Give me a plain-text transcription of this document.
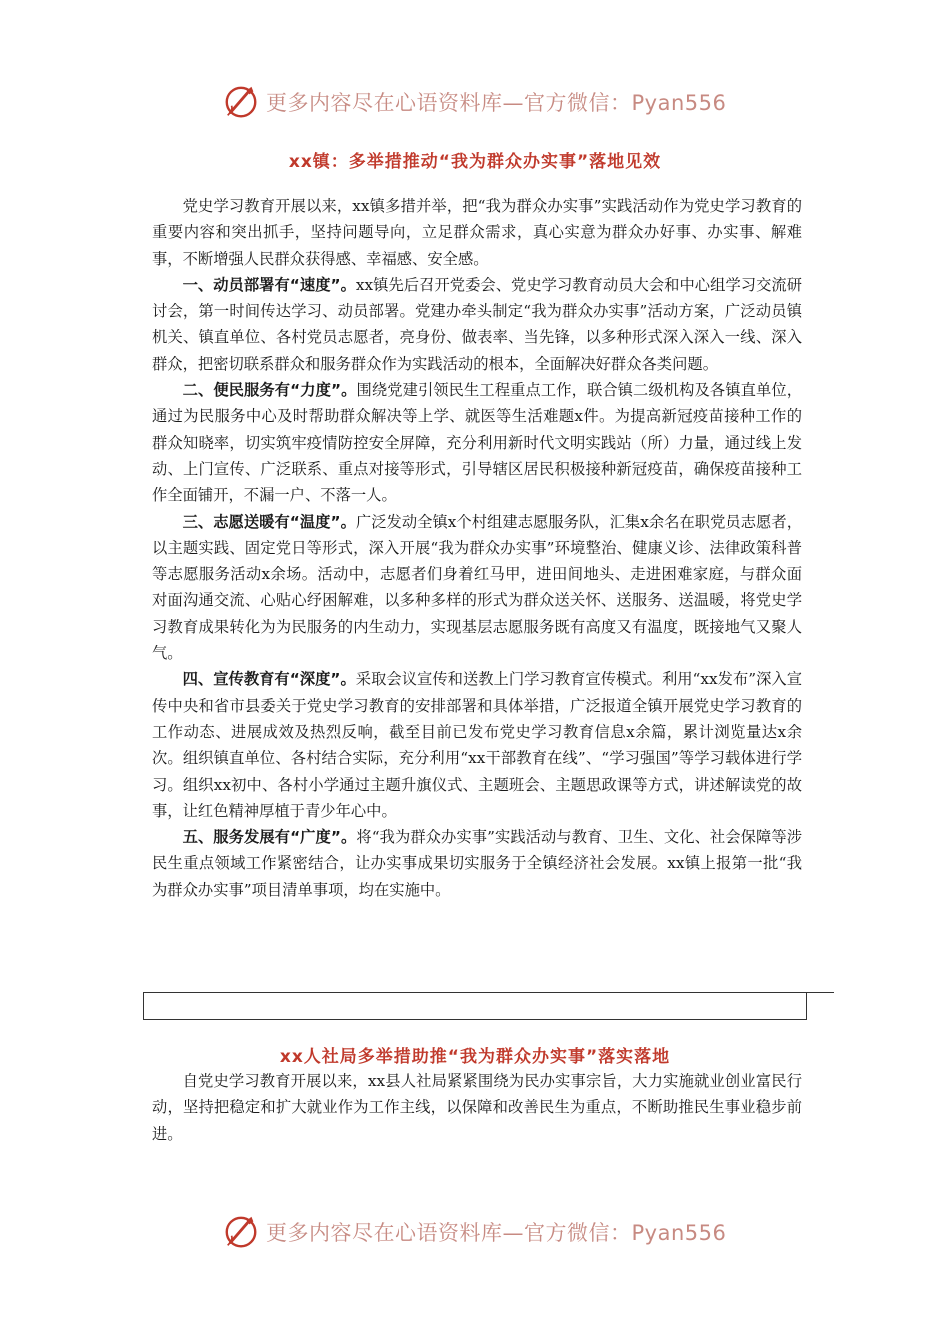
更多内容尽在心语资料库—官方微信：Pyan556
xx镇：多举措推动“我为群众办实事”落地见效

党史学习教育开展以来，xx镇多措并举，把“我为群众办实事”实践活动作为党史学习教育的重要内容和突出抓手，坚持问题导向，立足群众需求，真心实意为群众办好事、办实事、解难事，不断增强人民群众获得感、幸福感、安全感。

一、动员部署有“速度”。xx镇先后召开党委会、党史学习教育动员大会和中心组学习交流研讨会，第一时间传达学习、动员部署。党建办牵头制定“我为群众办实事”活动方案，广泛动员镇机关、镇直单位、各村党员志愿者，亮身份、做表率、当先锋，以多种形式深入深入一线、深入群众，把密切联系群众和服务群众作为实践活动的根本，全面解决好群众各类问题。

二、便民服务有“力度”。围绕党建引领民生工程重点工作，联合镇二级机构及各镇直单位，通过为民服务中心及时帮助群众解决等上学、就医等生活难题x件。为提高新冠疫苗接种工作的群众知晓率，切实筑牢疫情防控安全屏障，充分利用新时代文明实践站（所）力量，通过线上发动、上门宣传、广泛联系、重点对接等形式，引导辖区居民积极接种新冠疫苗，确保疫苗接种工作全面铺开，不漏一户、不落一人。

三、志愿送暖有“温度”。广泛发动全镇x个村组建志愿服务队，汇集x余名在职党员志愿者，以主题实践、固定党日等形式，深入开展“我为群众办实事”环境整治、健康义诊、法律政策科普等志愿服务活动x余场。活动中，志愿者们身着红马甲，进田间地头、走进困难家庭，与群众面对面沟通交流、心贴心纾困解难，以多种多样的形式为群众送关怀、送服务、送温暖，将党史学习教育成果转化为为民服务的内生动力，实现基层志愿服务既有高度又有温度，既接地气又聚人气。

四、宣传教育有“深度”。采取会议宣传和送教上门学习教育宣传模式。利用“xx发布”深入宣传中央和省市县委关于党史学习教育的安排部署和具体举措，广泛报道全镇开展党史学习教育的工作动态、进展成效及热烈反响，截至目前已发布党史学习教育信息x余篇，累计浏览量达x余次。组织镇直单位、各村结合实际，充分利用“xx干部教育在线”、“学习强国”等学习载体进行学习。组织xx初中、各村小学通过主题升旗仪式、主题班会、主题思政课等方式，讲述解读党的故事，让红色精神厚植于青少年心中。

五、服务发展有“广度”。将“我为群众办实事”实践活动与教育、卫生、文化、社会保障等涉民生重点领域工作紧密结合，让办实事成果切实服务于全镇经济社会发展。xx镇上报第一批“我为群众办实事”项目清单事项，均在实施中。

xx人社局多举措助推“我为群众办实事”落实落地

自党史学习教育开展以来，xx县人社局紧紧围绕为民办实事宗旨，大力实施就业创业富民行动，坚持把稳定和扩大就业作为工作主线，以保障和改善民生为重点，不断助推民生事业稳步前进。

更多内容尽在心语资料库—官方微信：Pyan556
